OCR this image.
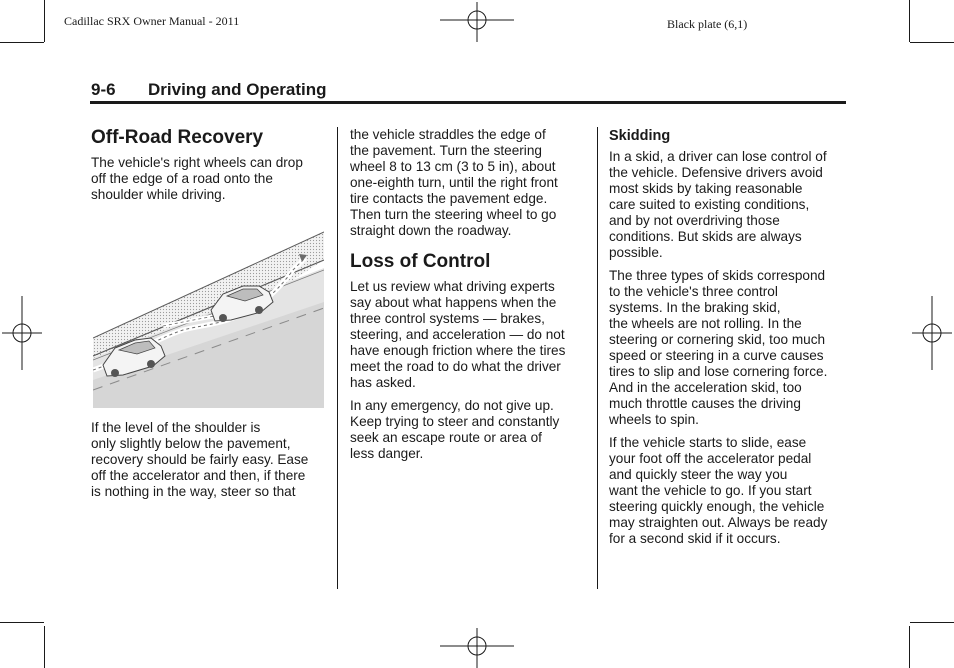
Cadillac SRX Owner Manual - 2011	Black plate (6,1)
9-6 Driving and Operating
Off-Road Recovery

The vehicle's right wheels can drop
off the edge of a road onto the
shoulder while driving.

If the level of the shoulder is
only slightly below the pavement,
recovery should be fairly easy. Ease
off the accelerator and then, if there
is nothing in the way, steer so that

the vehicle straddles the edge of
the pavement. Turn the steering
wheel 8 to 13 cm (3 to 5 in), about
one-eighth turn, until the right front
tire contacts the pavement edge.
Then turn the steering wheel to go
straight down the roadway.

Loss of Control

Let us review what driving experts
say about what happens when the
three control systems — brakes,
steering, and acceleration — do not
have enough friction where the tires
meet the road to do what the driver
has asked.

In any emergency, do not give up.
Keep trying to steer and constantly
seek an escape route or area of
less danger.

Skidding

In a skid, a driver can lose control of
the vehicle. Defensive drivers avoid
most skids by taking reasonable
care suited to existing conditions,
and by not overdriving those
conditions. But skids are always
possible.

The three types of skids correspond
to the vehicle's three control
systems. In the braking skid,
the wheels are not rolling. In the
steering or cornering skid, too much
speed or steering in a curve causes
tires to slip and lose cornering force.
And in the acceleration skid, too
much throttle causes the driving
wheels to spin.

If the vehicle starts to slide, ease
your foot off the accelerator pedal
and quickly steer the way you
want the vehicle to go. If you start
steering quickly enough, the vehicle
may straighten out. Always be ready
for a second skid if it occurs.
